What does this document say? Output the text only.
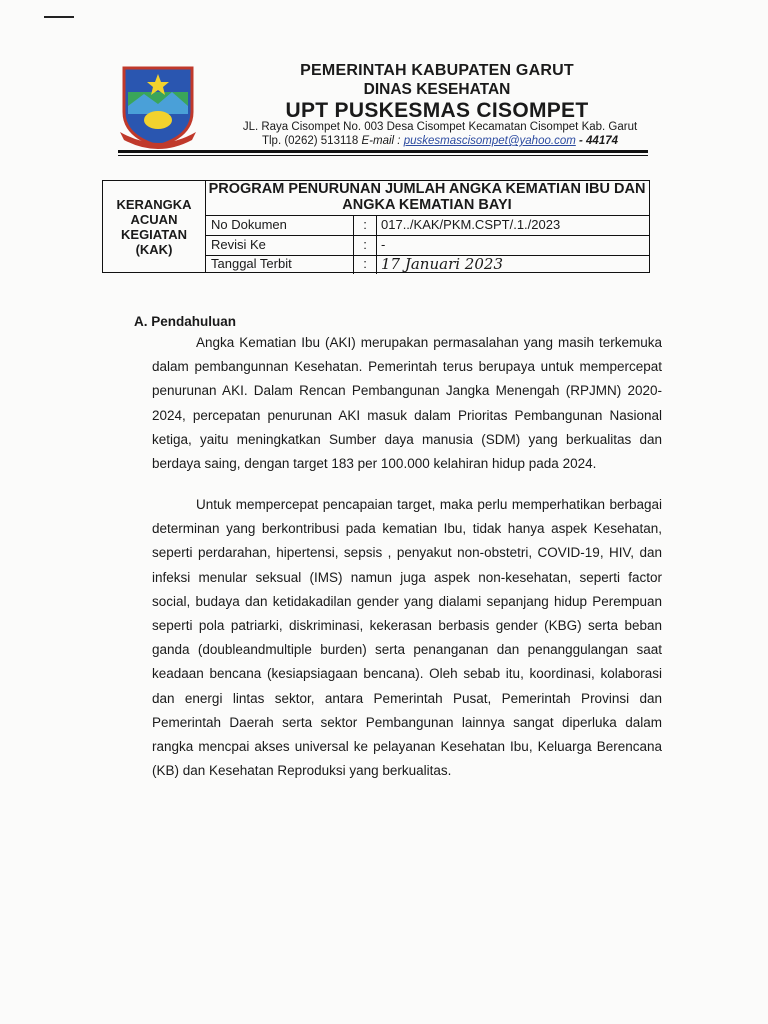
PEMERINTAH KABUPATEN GARUT
DINAS KESEHATAN
UPT PUSKESMAS CISOMPET
JL. Raya Cisompet No. 003 Desa Cisompet Kecamatan Cisompet Kab. Garut
Tlp. (0262) 513118 E-mail : puskesmascisompet@yahoo.com - 44174
KERANGKA ACUAN KEGIATAN (KAK)
PROGRAM PENURUNAN JUMLAH ANGKA KEMATIAN IBU DAN ANGKA KEMATIAN BAYI
No Dokumen	:	017../KAK/PKM.CSPT/.1./2023
Revisi Ke	:	-
Tanggal Terbit	: 17 Januari 2023
A. Pendahuluan
Angka Kematian Ibu (AKI) merupakan permasalahan yang masih terkemuka dalam pembangunnan Kesehatan. Pemerintah terus berupaya untuk mempercepat penurunan AKI. Dalam Rencan Pembangunan Jangka Menengah (RPJMN) 2020-2024, percepatan penurunan AKI masuk dalam Prioritas Pembangunan Nasional ketiga, yaitu meningkatkan Sumber daya manusia (SDM) yang berkualitas dan berdaya saing, dengan target 183 per 100.000 kelahiran hidup pada 2024.
Untuk mempercepat pencapaian target, maka perlu memperhatikan berbagai determinan yang berkontribusi pada kematian Ibu, tidak hanya aspek Kesehatan, seperti perdarahan, hipertensi, sepsis , penyakut non-obstetri, COVID-19, HIV, dan infeksi menular seksual (IMS) namun juga aspek non-kesehatan, seperti factor social, budaya dan ketidakadilan gender yang dialami sepanjang hidup Perempuan seperti pola patriarki, diskriminasi, kekerasan berbasis gender (KBG) serta beban ganda (doubleandmultiple burden) serta penanganan dan penanggulangan saat keadaan bencana (kesiapsiagaan bencana). Oleh sebab itu, koordinasi, kolaborasi dan energi lintas sektor, antara Pemerintah Pusat, Pemerintah Provinsi dan Pemerintah Daerah serta sektor Pembangunan lainnya sangat diperluka dalam rangka mencpai akses universal ke pelayanan Kesehatan Ibu, Keluarga Berencana (KB) dan Kesehatan Reproduksi yang berkualitas.
